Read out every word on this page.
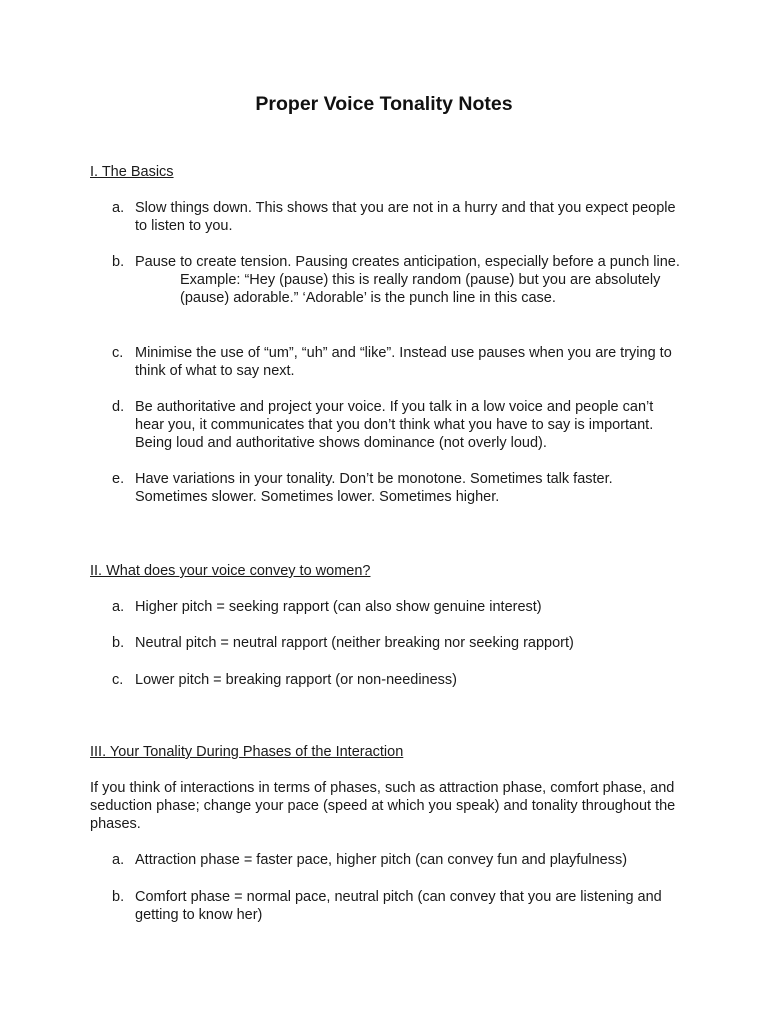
Proper Voice Tonality Notes
I. The Basics
a. Slow things down. This shows that you are not in a hurry and that you expect people to listen to you.

b. Pause to create tension. Pausing creates anticipation, especially before a punch line.

Example: “Hey (pause) this is really random (pause) but you are absolutely (pause) adorable.” ‘Adorable’ is the punch line in this case.

c. Minimise the use of “um”, “uh” and “like”. Instead use pauses when you are trying to think of what to say next.

d. Be authoritative and project your voice. If you talk in a low voice and people can’t hear you, it communicates that you don’t think what you have to say is important. Being loud and authoritative shows dominance (not overly loud).

e. Have variations in your tonality. Don’t be monotone. Sometimes talk faster. Sometimes slower. Sometimes lower. Sometimes higher.

II. What does your voice convey to women?
a. Higher pitch = seeking rapport (can also show genuine interest)

b. Neutral pitch = neutral rapport (neither breaking nor seeking rapport)

c. Lower pitch = breaking rapport (or non-neediness)

III. Your Tonality During Phases of the Interaction

If you think of interactions in terms of phases, such as attraction phase, comfort phase, and seduction phase; change your pace (speed at which you speak) and tonality throughout the phases.

a. Attraction phase = faster pace, higher pitch (can convey fun and playfulness)

b. Comfort phase = normal pace, neutral pitch (can convey that you are listening and getting to know her)
